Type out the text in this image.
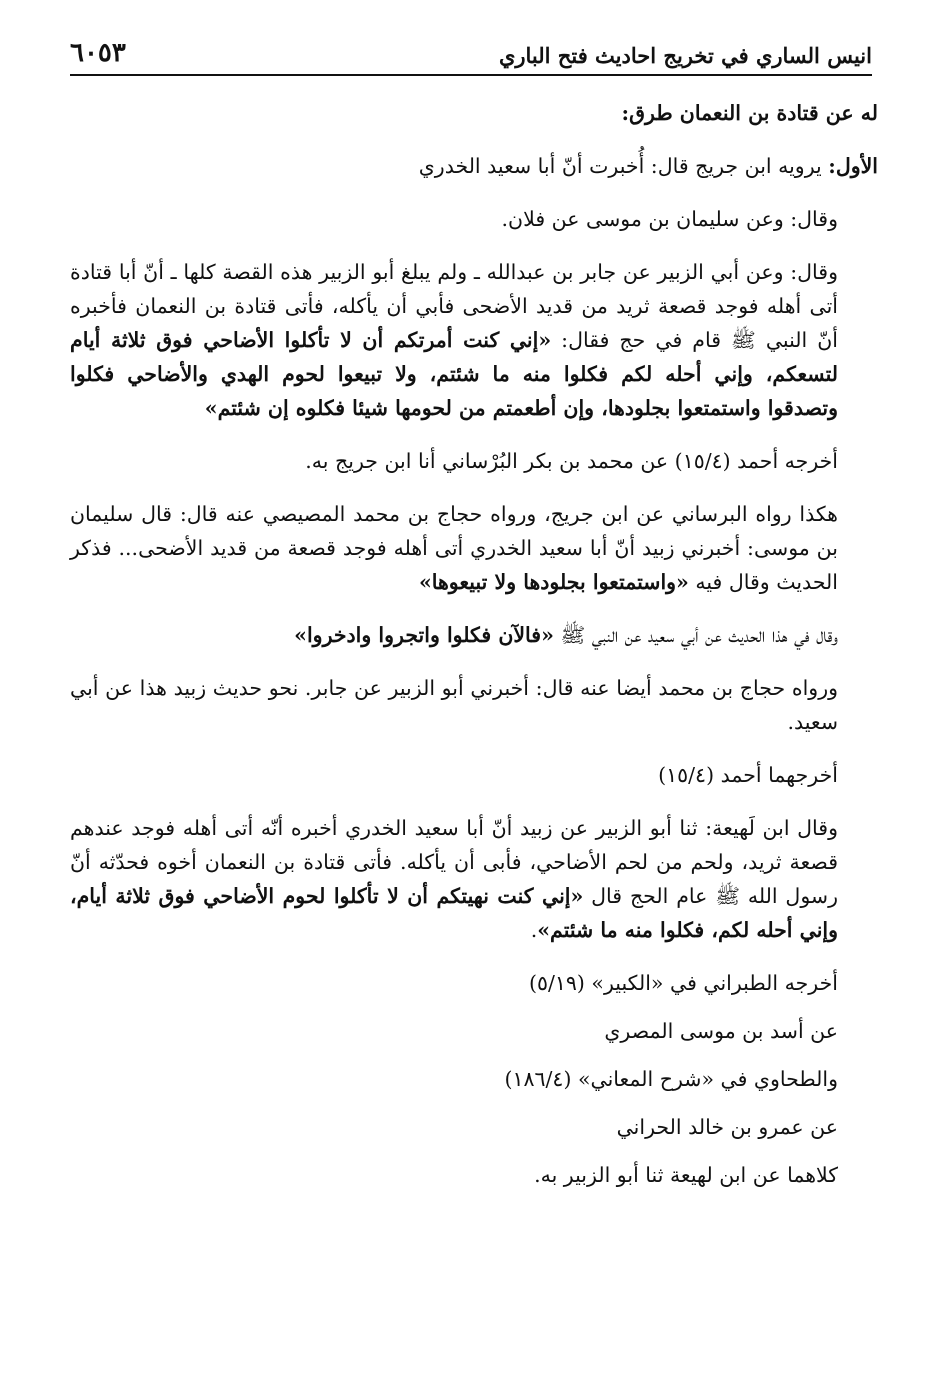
انيس الساري في تخريج احاديث فتح الباري
٦٠٥٣

له عن قتادة بن النعمان طرق:

الأول: يرويه ابن جريج قال: أُخبرت أنّ أبا سعيد الخدري

وقال: وعن سليمان بن موسى عن فلان.

وقال: وعن أبي الزبير عن جابر بن عبدالله ـ ولم يبلغ أبو الزبير هذه القصة كلها ـ أنّ أبا قتادة أتى أهله فوجد قصعة ثريد من قديد الأضحى فأبي أن يأكله، فأتى قتادة بن النعمان فأخبره أنّ النبي ﷺ قام في حج فقال: «إني كنت أمرتكم أن لا تأكلوا الأضاحي فوق ثلاثة أيام لتسعكم، وإني أحله لكم فكلوا منه ما شئتم، ولا تبيعوا لحوم الهدي والأضاحي فكلوا وتصدقوا واستمتعوا بجلودها، وإن أطعمتم من لحومها شيئا فكلوه إن شئتم»

أخرجه أحمد (١٥/٤) عن محمد بن بكر البُرْساني أنا ابن جريج به.

هكذا رواه البرساني عن ابن جريج، ورواه حجاج بن محمد المصيصي عنه قال: قال سليمان بن موسى: أخبرني زبيد أنّ أبا سعيد الخدري أتى أهله فوجد قصعة من قديد الأضحى... فذكر الحديث وقال فيه «واستمتعوا بجلودها ولا تبيعوها»

وقال في هذا الحديث عن أبي سعيد عن النبي ﷺ «فالآن فكلوا واتجروا وادخروا»

ورواه حجاج بن محمد أيضا عنه قال: أخبرني أبو الزبير عن جابر. نحو حديث زبيد هذا عن أبي سعيد.

أخرجهما أحمد (١٥/٤)

وقال ابن لَهيعة: ثنا أبو الزبير عن زبيد أنّ أبا سعيد الخدري أخبره أنّه أتى أهله فوجد عندهم قصعة ثريد، ولحم من لحم الأضاحي، فأبى أن يأكله. فأتى قتادة بن النعمان أخوه فحدّثه أنّ رسول الله ﷺ عام الحج قال «إني كنت نهيتكم أن لا تأكلوا لحوم الأضاحي فوق ثلاثة أيام، وإني أحله لكم، فكلوا منه ما شئتم».

أخرجه الطبراني في «الكبير» (٥/١٩)

عن أسد بن موسى المصري

والطحاوي في «شرح المعاني» (١٨٦/٤)

عن عمرو بن خالد الحراني

كلاهما عن ابن لهيعة ثنا أبو الزبير به.
